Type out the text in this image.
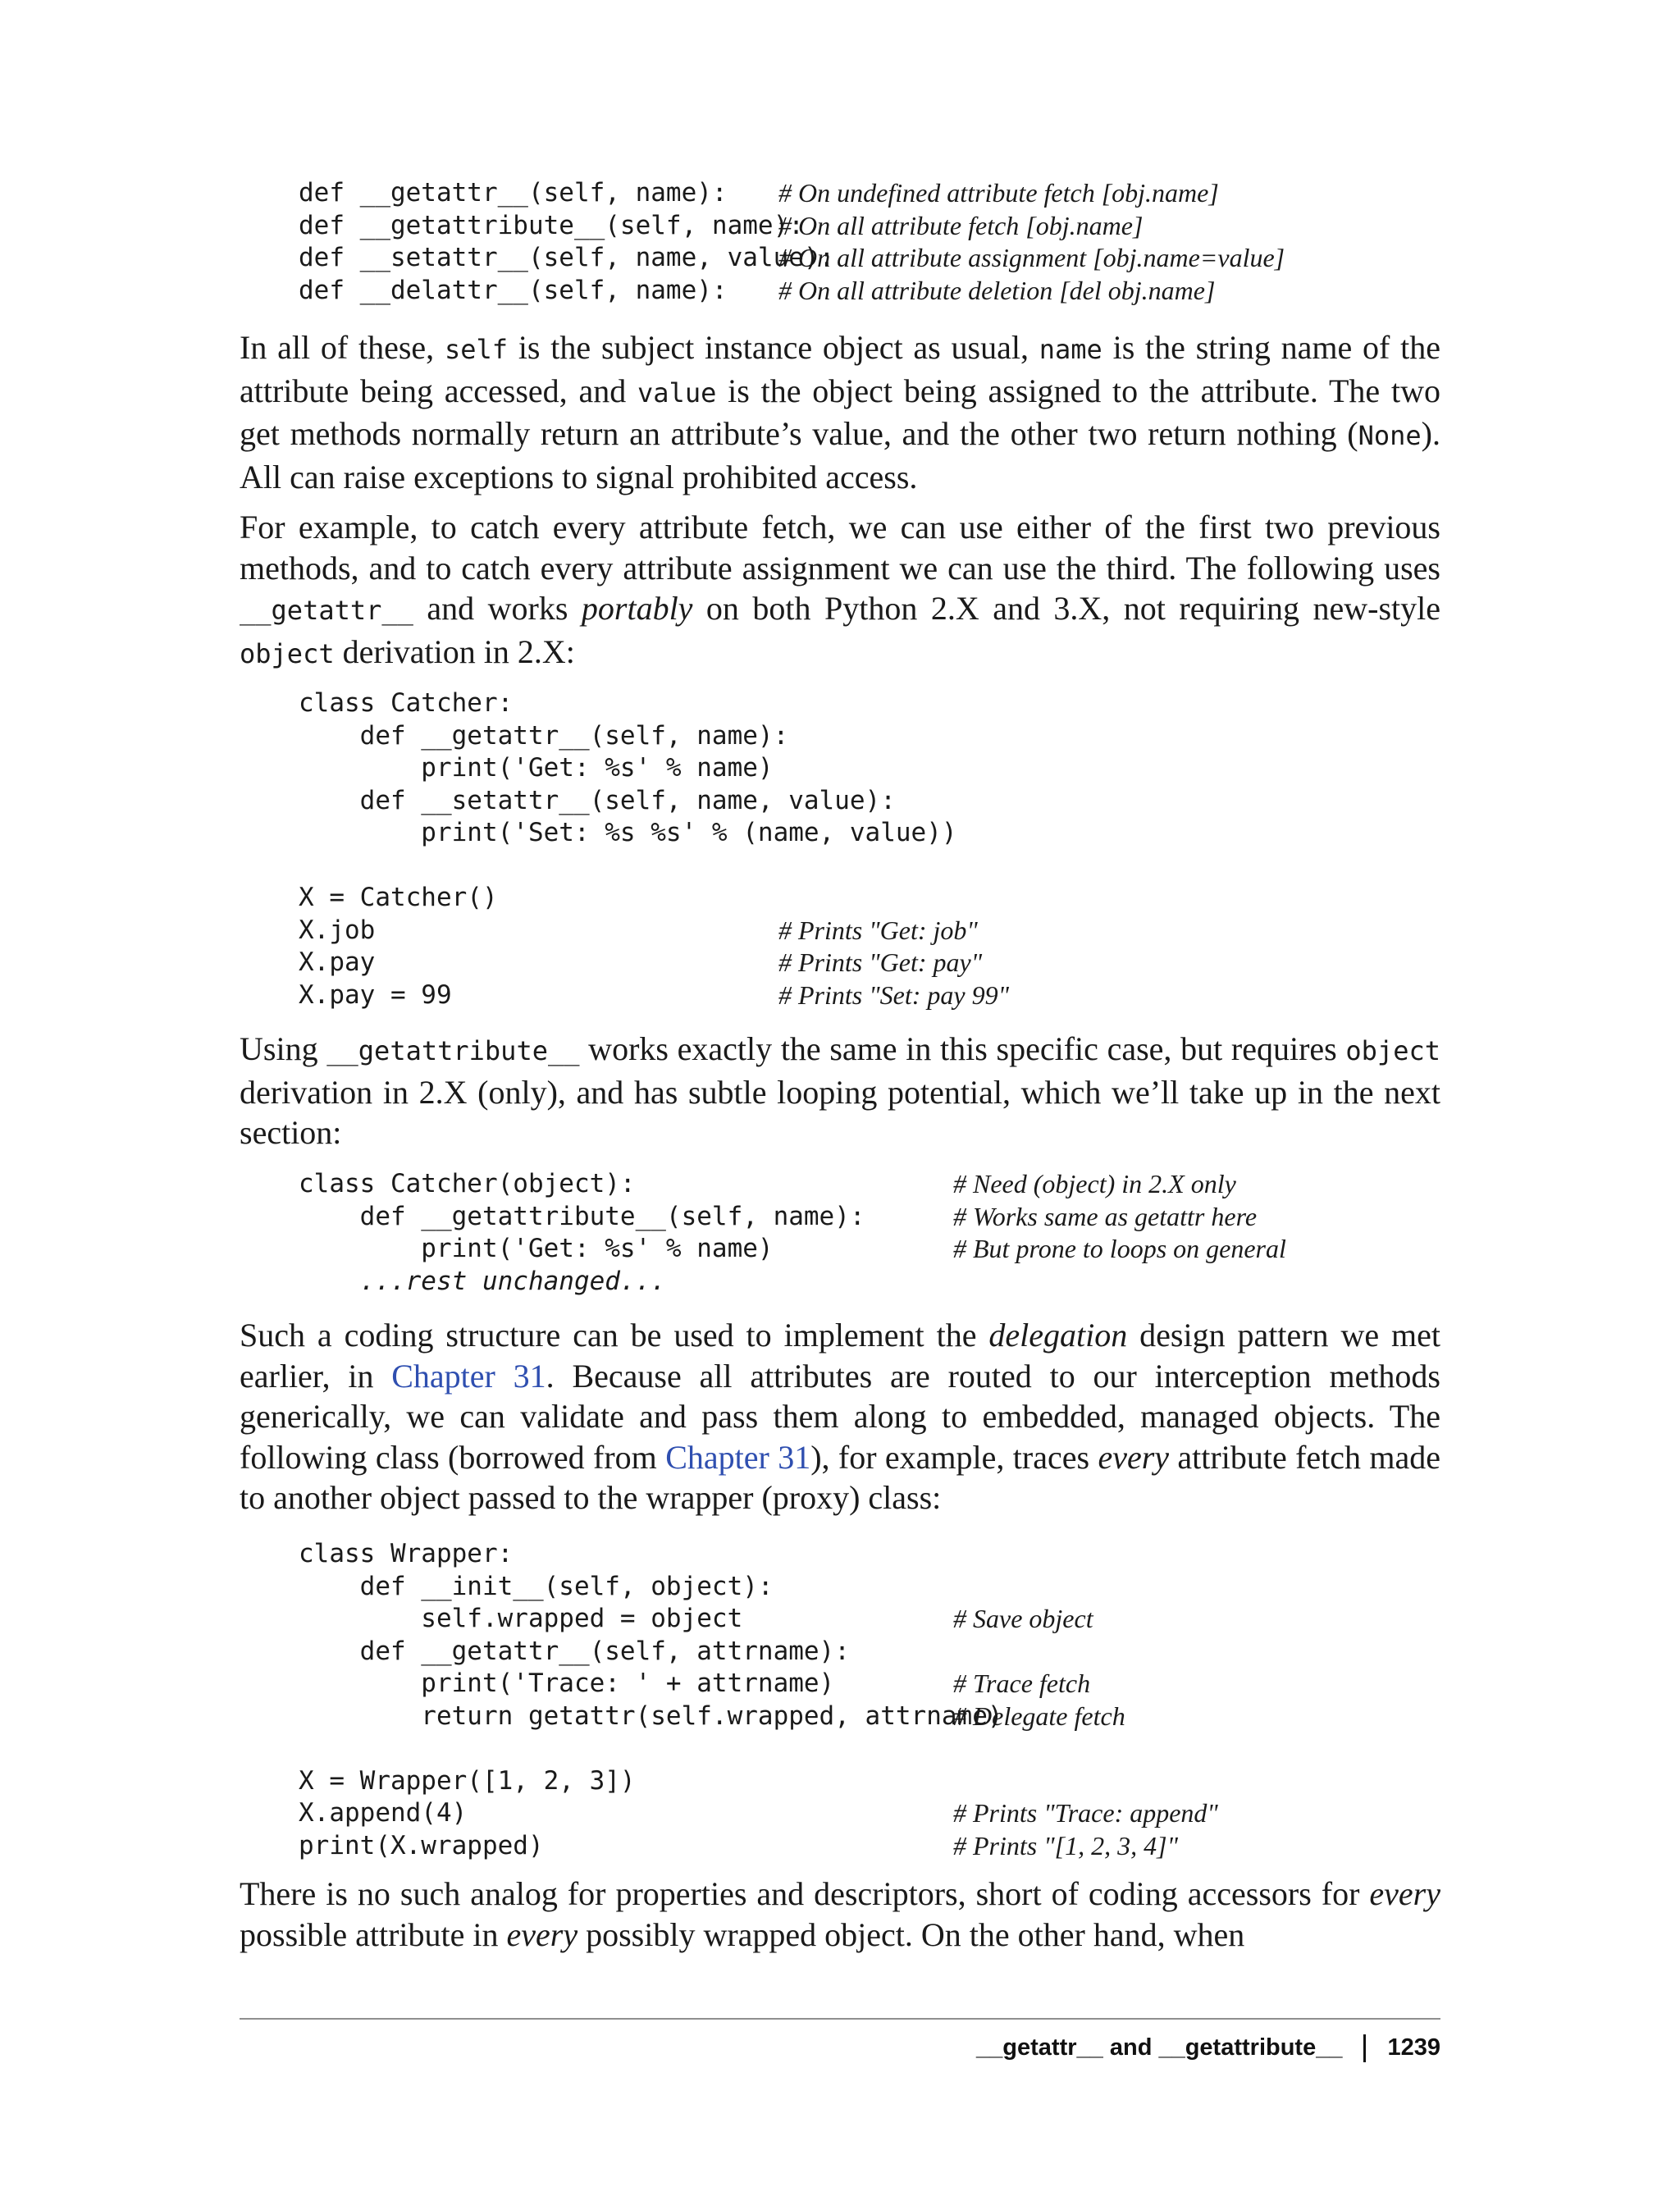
def __getattr__(self, name): # On undefined attribute fetch [obj.name]
def __getattribute__(self, name):
# On all attribute fetch [obj.name]
def __setattr__(self, name, value):
# On all attribute assignment [obj.name=value]
def __delattr__(self, name): # On all attribute deletion [del obj.name]

In all of these, self is the subject instance object as usual, name is the string name of the attribute being accessed, and value is the object being assigned to the attribute. The two get methods normally return an attribute’s value, and the other two return nothing (None). All can raise exceptions to signal prohibited access.

For example, to catch every attribute fetch, we can use either of the first two previous methods, and to catch every attribute assignment we can use the third. The following uses __getattr__ and works portably on both Python 2.X and 3.X, not requiring new-style object derivation in 2.X:

class Catcher:
def __getattr__(self, name):
print('Get: %s' % name)
def __setattr__(self, name, value):
print('Set: %s %s' % (name, value))
X = Catcher()
X.job	# Prints "Get: job"
X.pay	# Prints "Get: pay"
X.pay = 99	# Prints "Set: pay 99"

Using __getattribute__ works exactly the same in this specific case, but requires object derivation in 2.X (only), and has subtle looping potential, which we’ll take up in the next section:

class Catcher(object):	# Need (object) in 2.X only
def __getattribute__(self, name):	# Works same as getattr here
print('Get: %s' % name)	# But prone to loops on general
...rest unchanged...

Such a coding structure can be used to implement the delegation design pattern we met earlier, in Chapter 31. Because all attributes are routed to our interception methods generically, we can validate and pass them along to embedded, managed objects. The following class (borrowed from Chapter 31), for example, traces every attribute fetch made to another object passed to the wrapper (proxy) class:

class Wrapper:
def __init__(self, object):
self.wrapped = object	# Save object
def __getattr__(self, attrname):
print('Trace: ' + attrname)	# Trace fetch
return getattr(self.wrapped, attrname)
# Delegate fetch
X = Wrapper([1, 2, 3])
X.append(4)	# Prints "Trace: append"
print(X.wrapped)	# Prints "[1, 2, 3, 4]"

There is no such analog for properties and descriptors, short of coding accessors for every possible attribute in every possibly wrapped object. On the other hand, when

__getattr__ and __getattribute__ 1239
